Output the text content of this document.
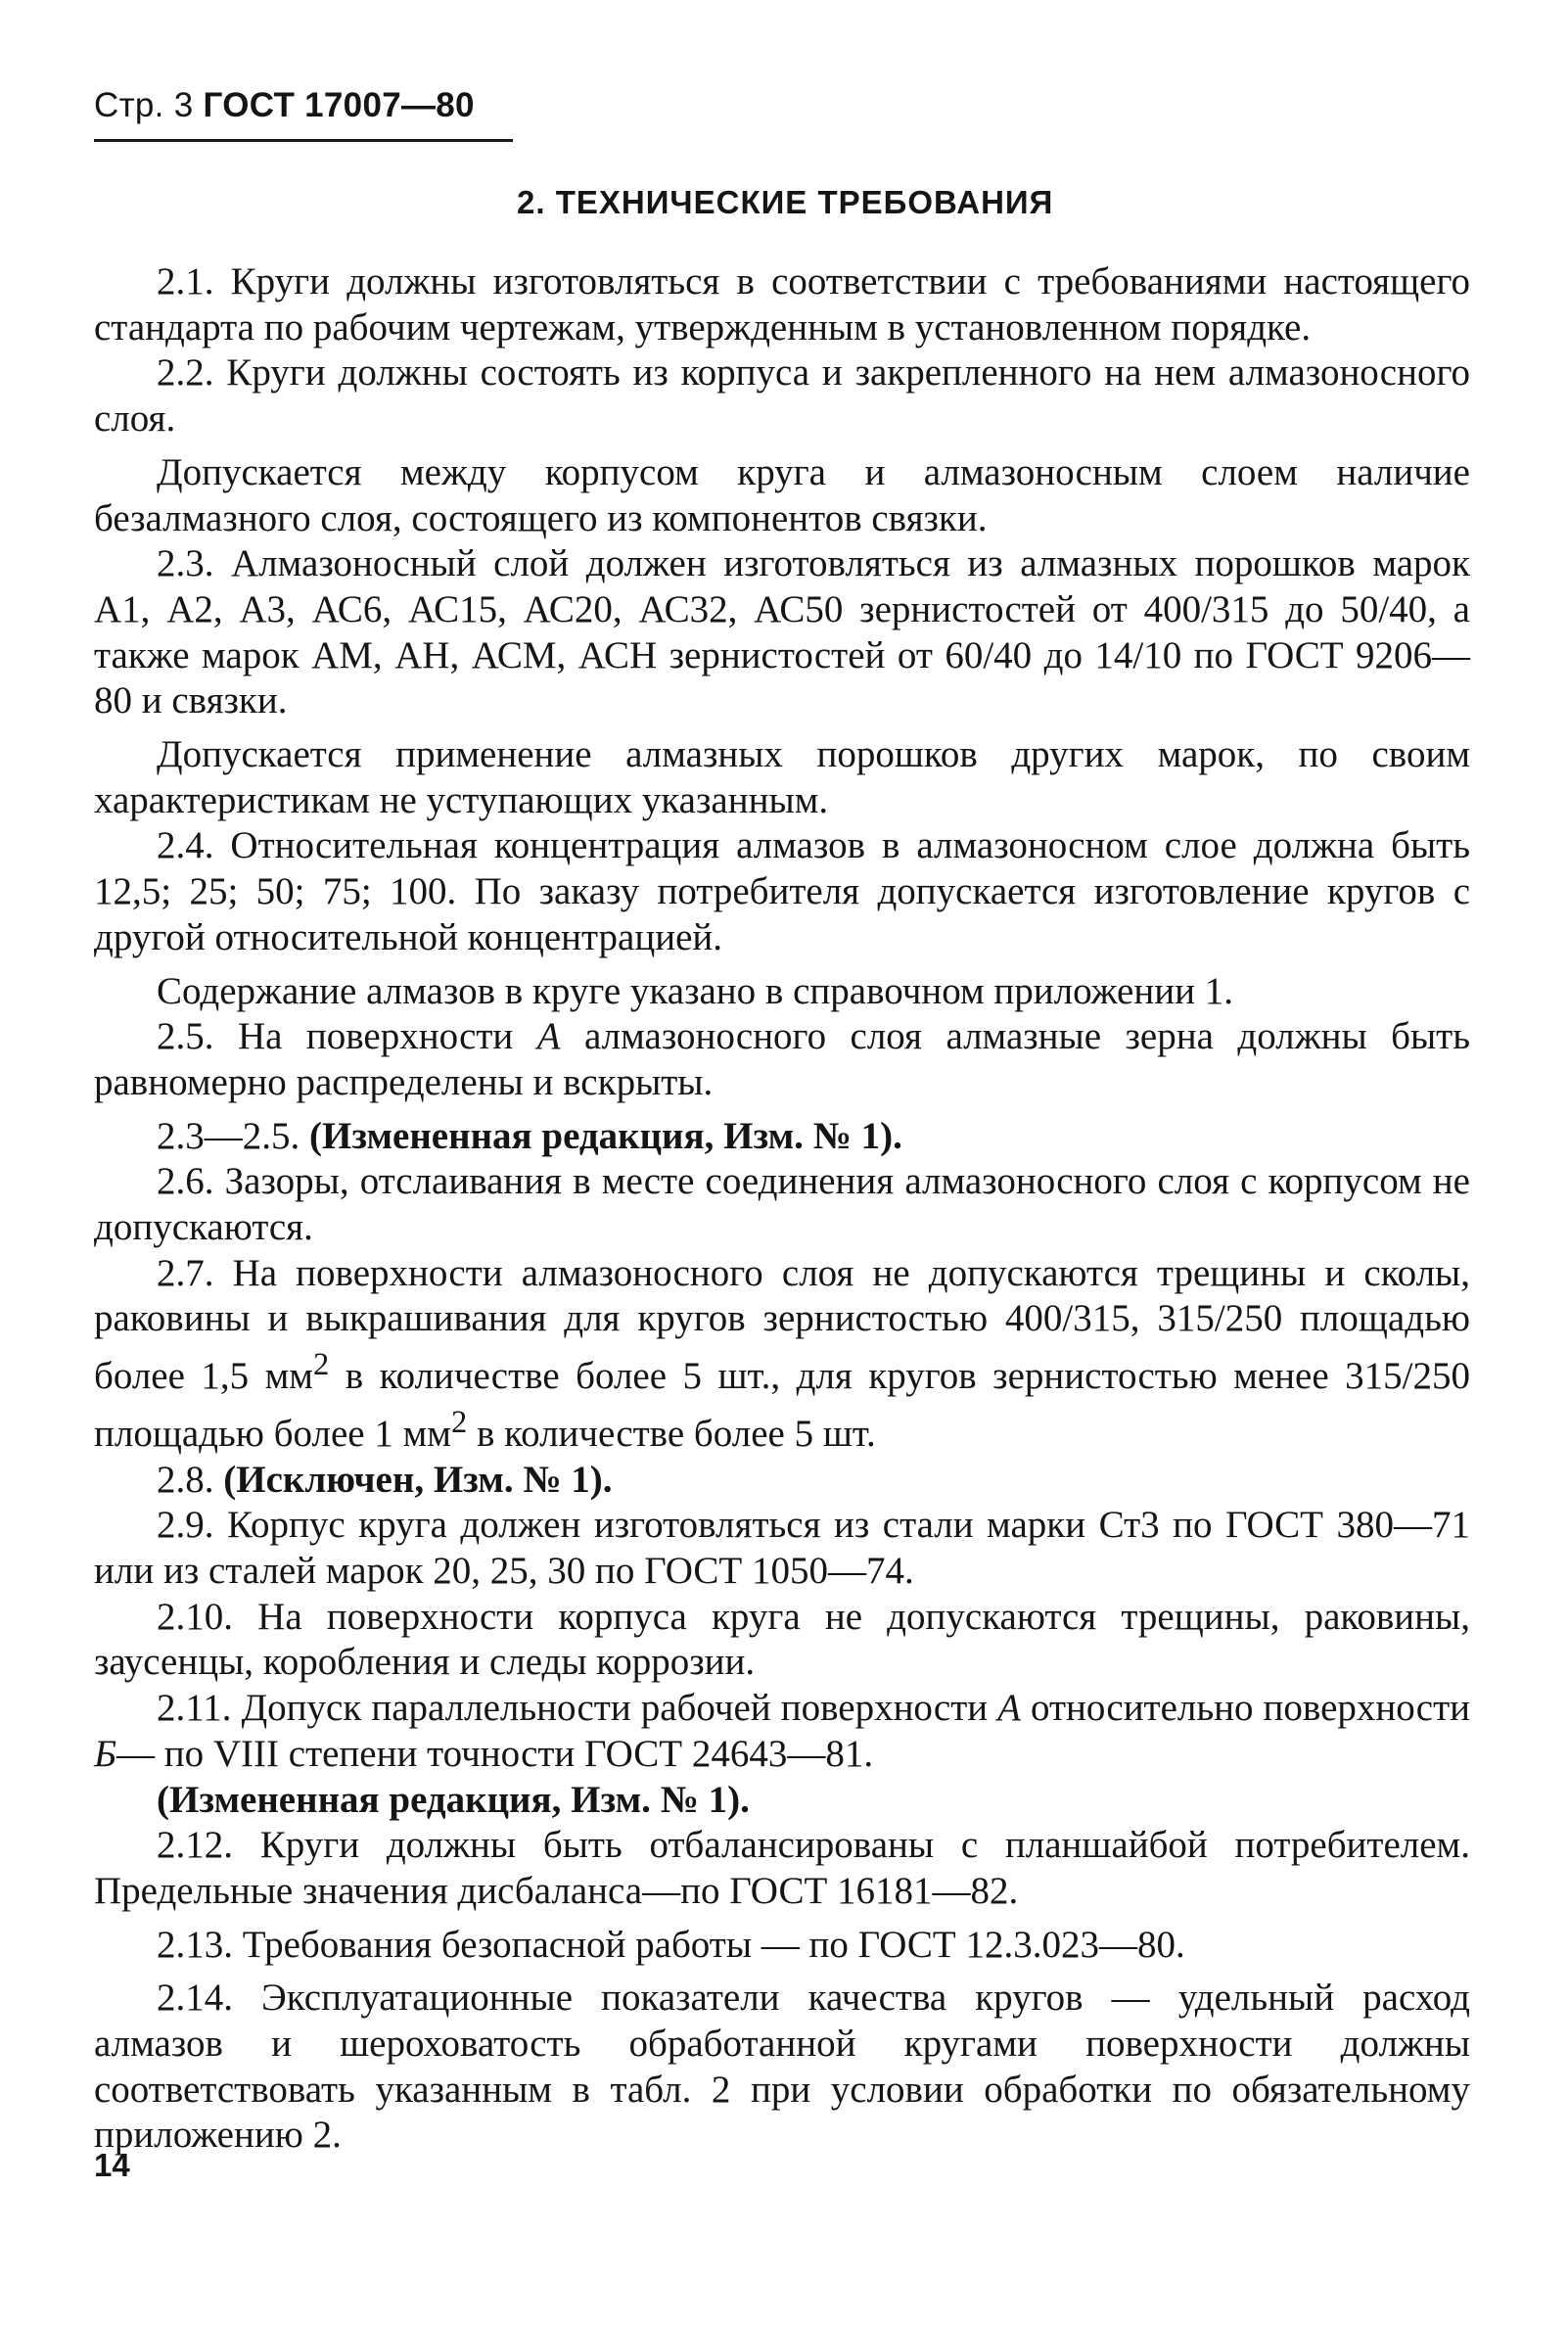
Стр. 3 ГОСТ 17007—80
2. ТЕХНИЧЕСКИЕ ТРЕБОВАНИЯ

2.1. Круги должны изготовляться в соответствии с требованиями настоящего стандарта по рабочим чертежам, утвержденным в установленном порядке.

2.2. Круги должны состоять из корпуса и закрепленного на нем алмазоносного слоя.

Допускается между корпусом круга и алмазоносным слоем наличие безалмазного слоя, состоящего из компонентов связки.

2.3. Алмазоносный слой должен изготовляться из алмазных порошков марок А1, А2, А3, АС6, АС15, АС20, АС32, АС50 зернистостей от 400/315 до 50/40, а также марок АМ, АН, АСМ, АСН зернистостей от 60/40 до 14/10 по ГОСТ 9206—80 и связки.

Допускается применение алмазных порошков других марок, по своим характеристикам не уступающих указанным.

2.4. Относительная концентрация алмазов в алмазоносном слое должна быть 12,5; 25; 50; 75; 100. По заказу потребителя допускается изготовление кругов с другой относительной концентрацией.

Содержание алмазов в круге указано в справочном приложении 1.

2.5. На поверхности А алмазоносного слоя алмазные зерна должны быть равномерно распределены и вскрыты.

2.3—2.5. (Измененная редакция, Изм. № 1).

2.6. Зазоры, отслаивания в месте соединения алмазоносного слоя с корпусом не допускаются.

2.7. На поверхности алмазоносного слоя не допускаются трещины и сколы, раковины и выкрашивания для кругов зернистостью 400/315, 315/250 площадью более 1,5 $мм^2$ в количестве более 5 шт., для кругов зернистостью менее 315/250 площадью более 1 $мм^2$ в количестве более 5 шт.

2.8. (Исключен, Изм. № 1).

2.9. Корпус круга должен изготовляться из стали марки Ст3 по ГОСТ 380—71 или из сталей марок 20, 25, 30 по ГОСТ 1050—74.

2.10. На поверхности корпуса круга не допускаются трещины, раковины, заусенцы, коробления и следы коррозии.

2.11. Допуск параллельности рабочей поверхности А относительно поверхности Б— по VIII степени точности ГОСТ 24643—81.

(Измененная редакция, Изм. № 1).

2.12. Круги должны быть отбалансированы с планшайбой потребителем. Предельные значения дисбаланса—по ГОСТ 16181—82.

2.13. Требования безопасной работы — по ГОСТ 12.3.023—80.

2.14. Эксплуатационные показатели качества кругов — удельный расход алмазов и шероховатость обработанной кругами поверхности должны соответствовать указанным в табл. 2 при условии обработки по обязательному приложению 2.

14
